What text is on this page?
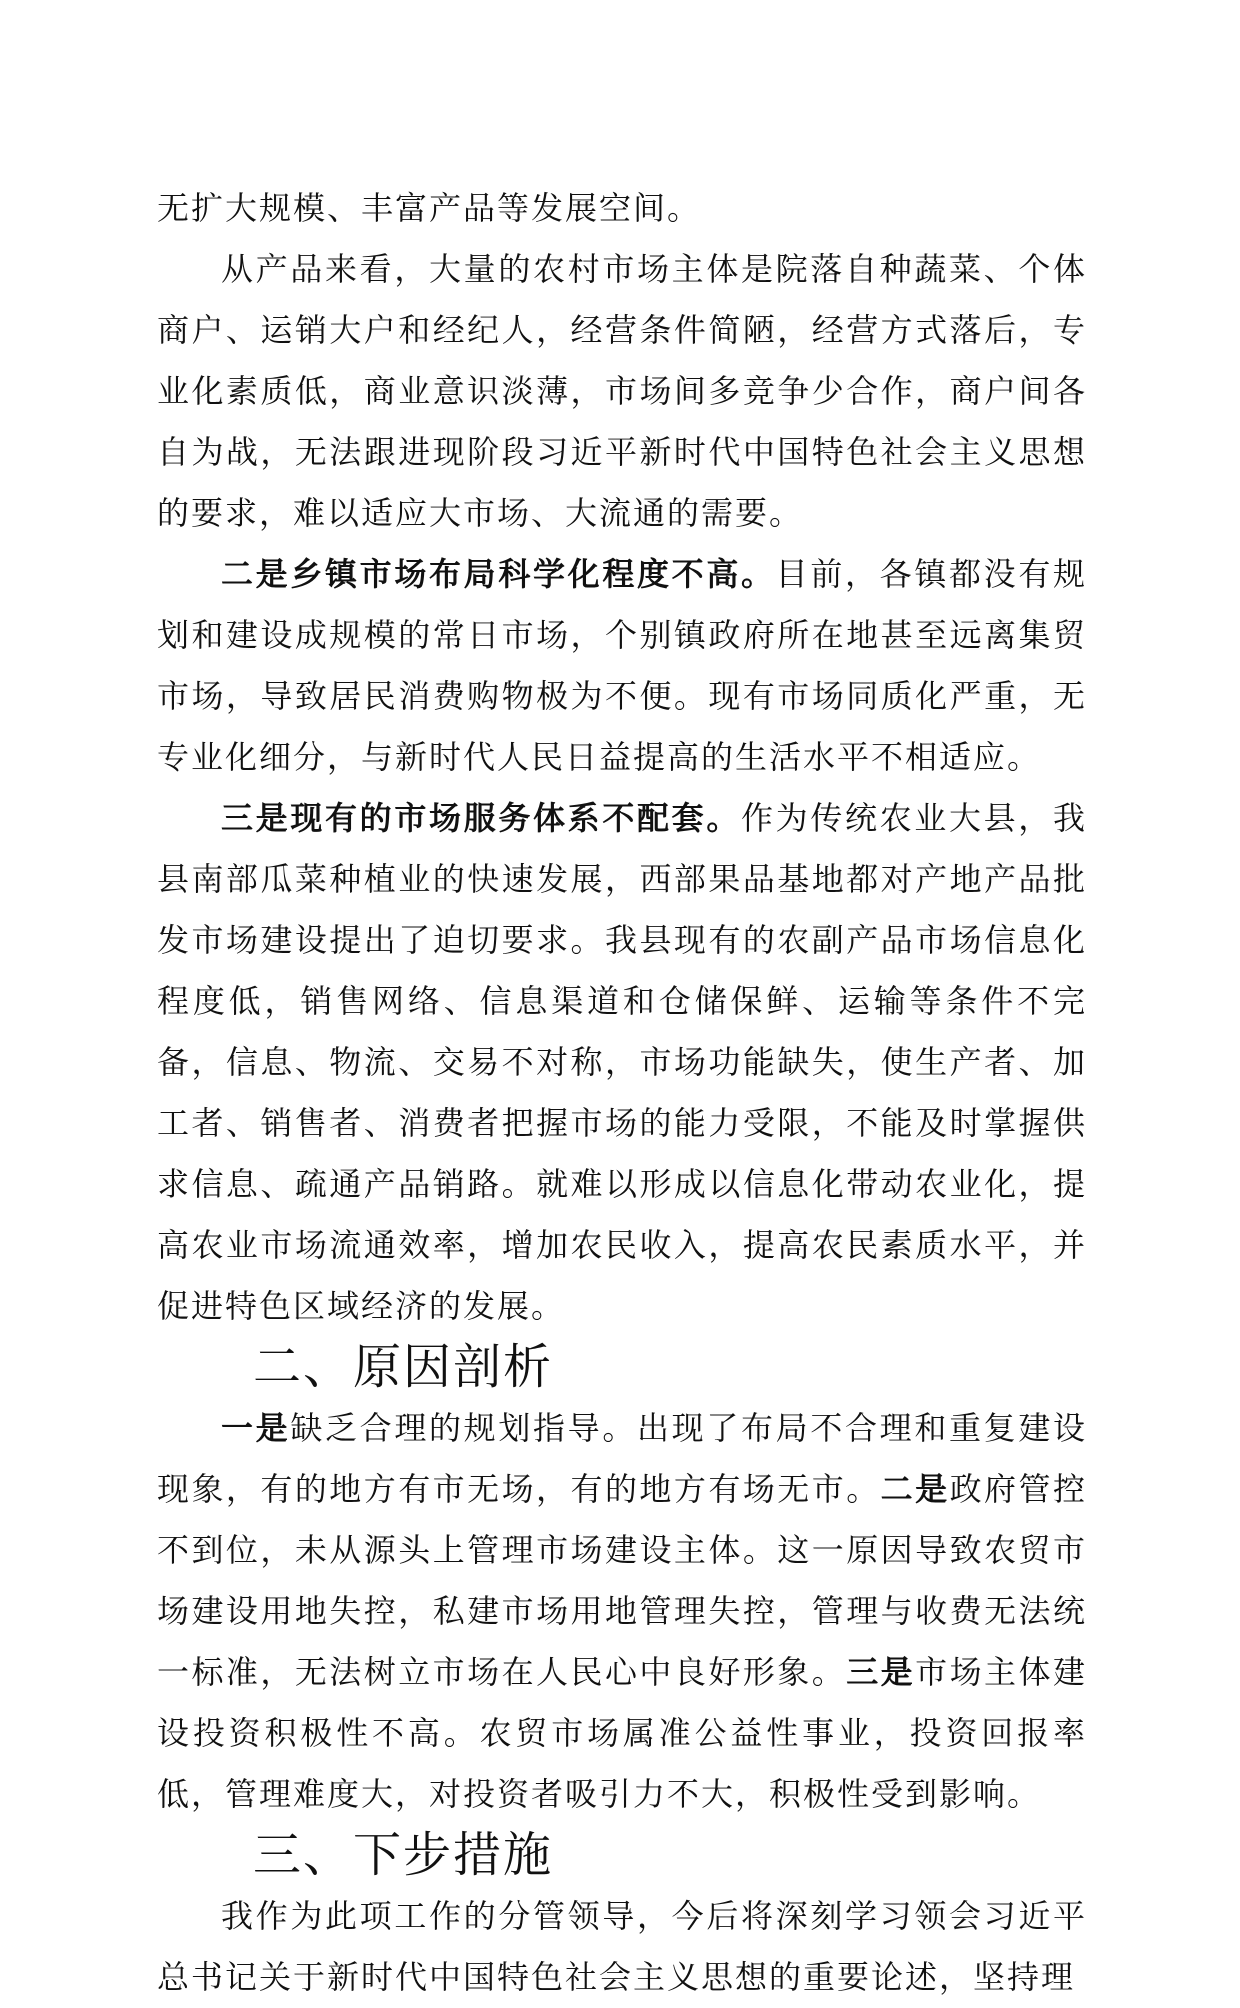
无扩大规模、丰富产品等发展空间。

从产品来看，大量的农村市场主体是院落自种蔬菜、个体商户、运销大户和经纪人，经营条件简陋，经营方式落后，专业化素质低，商业意识淡薄，市场间多竞争少合作，商户间各自为战，无法跟进现阶段习近平新时代中国特色社会主义思想的要求，难以适应大市场、大流通的需要。

二是乡镇市场布局科学化程度不高。目前，各镇都没有规划和建设成规模的常日市场，个别镇政府所在地甚至远离集贸市场，导致居民消费购物极为不便。现有市场同质化严重，无专业化细分，与新时代人民日益提高的生活水平不相适应。

三是现有的市场服务体系不配套。作为传统农业大县，我县南部瓜菜种植业的快速发展，西部果品基地都对产地产品批发市场建设提出了迫切要求。我县现有的农副产品市场信息化程度低，销售网络、信息渠道和仓储保鲜、运输等条件不完备，信息、物流、交易不对称，市场功能缺失，使生产者、加工者、销售者、消费者把握市场的能力受限，不能及时掌握供求信息、疏通产品销路。就难以形成以信息化带动农业化，提高农业市场流通效率，增加农民收入，提高农民素质水平，并促进特色区域经济的发展。

二、原因剖析

一是缺乏合理的规划指导。出现了布局不合理和重复建设现象，有的地方有市无场，有的地方有场无市。二是政府管控不到位，未从源头上管理市场建设主体。这一原因导致农贸市场建设用地失控，私建市场用地管理失控，管理与收费无法统一标准，无法树立市场在人民心中良好形象。三是市场主体建设投资积极性不高。农贸市场属准公益性事业，投资回报率低，管理难度大，对投资者吸引力不大，积极性受到影响。

三、下步措施

我作为此项工作的分管领导，今后将深刻学习领会习近平总书记关于新时代中国特色社会主义思想的重要论述，坚持理
